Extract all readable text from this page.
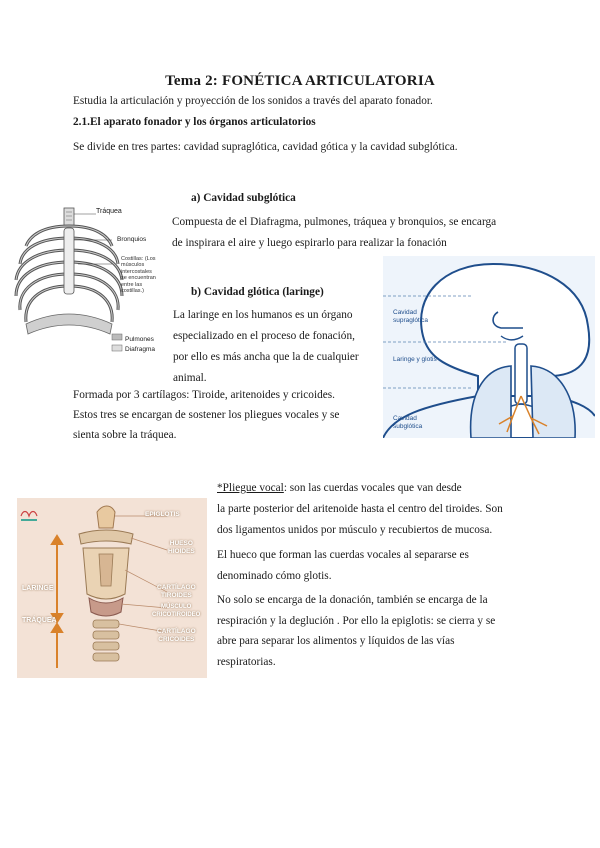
Tema 2: FONÉTICA ARTICULATORIA
Estudia la articulación y proyección de los sonidos a través del aparato fonador.
2.1.El aparato fonador y los órganos articulatorios
Se divide en tres partes: cavidad supraglótica, cavidad gótica y la cavidad subglótica.
Tráquea
Bronquios
Costillas: (Los
músculos
intercostales
se encuentran
entre las
costillas.)
Pulmones
Diafragma
a) Cavidad subglótica
Compuesta de el Diafragma, pulmones, tráquea y bronquios, se encarga
de inspirara el aire y luego espirarlo para realizar la fonación
b) Cavidad glótica (laringe)
La laringe en los humanos es un órgano
especializado en el proceso de fonación,
por ello es más ancha que la de cualquier
animal.
Formada por 3 cartílagos: Tiroide, aritenoides y cricoides.
Estos tres se encargan de sostener los pliegues vocales y se
sienta sobre la tráquea.
Cavidad
supraglótica
Laringe y glotis
Cavidad
subglótica
EPIGLOTIS
HUESO
HIOIDES
LARINGE	CARTÍLAGO
TIROIDES
MÚSCULO
CRICOTIROIDEO
TRÁQUEA
CARTÍLAGO
CRICOIDES
*Pliegue vocal: son las cuerdas vocales que van desde
la parte posterior del aritenoide hasta el centro del tiroides. Son
dos ligamentos unidos por músculo y recubiertos de mucosa.
El hueco que forman las cuerdas vocales al separarse es
denominado cómo glotis.
No solo se encarga de la donación, también se encarga de la
respiración y la deglución . Por ello la epiglotis: se cierra y se
abre para separar los alimentos y líquidos de las vías
respiratorias.
